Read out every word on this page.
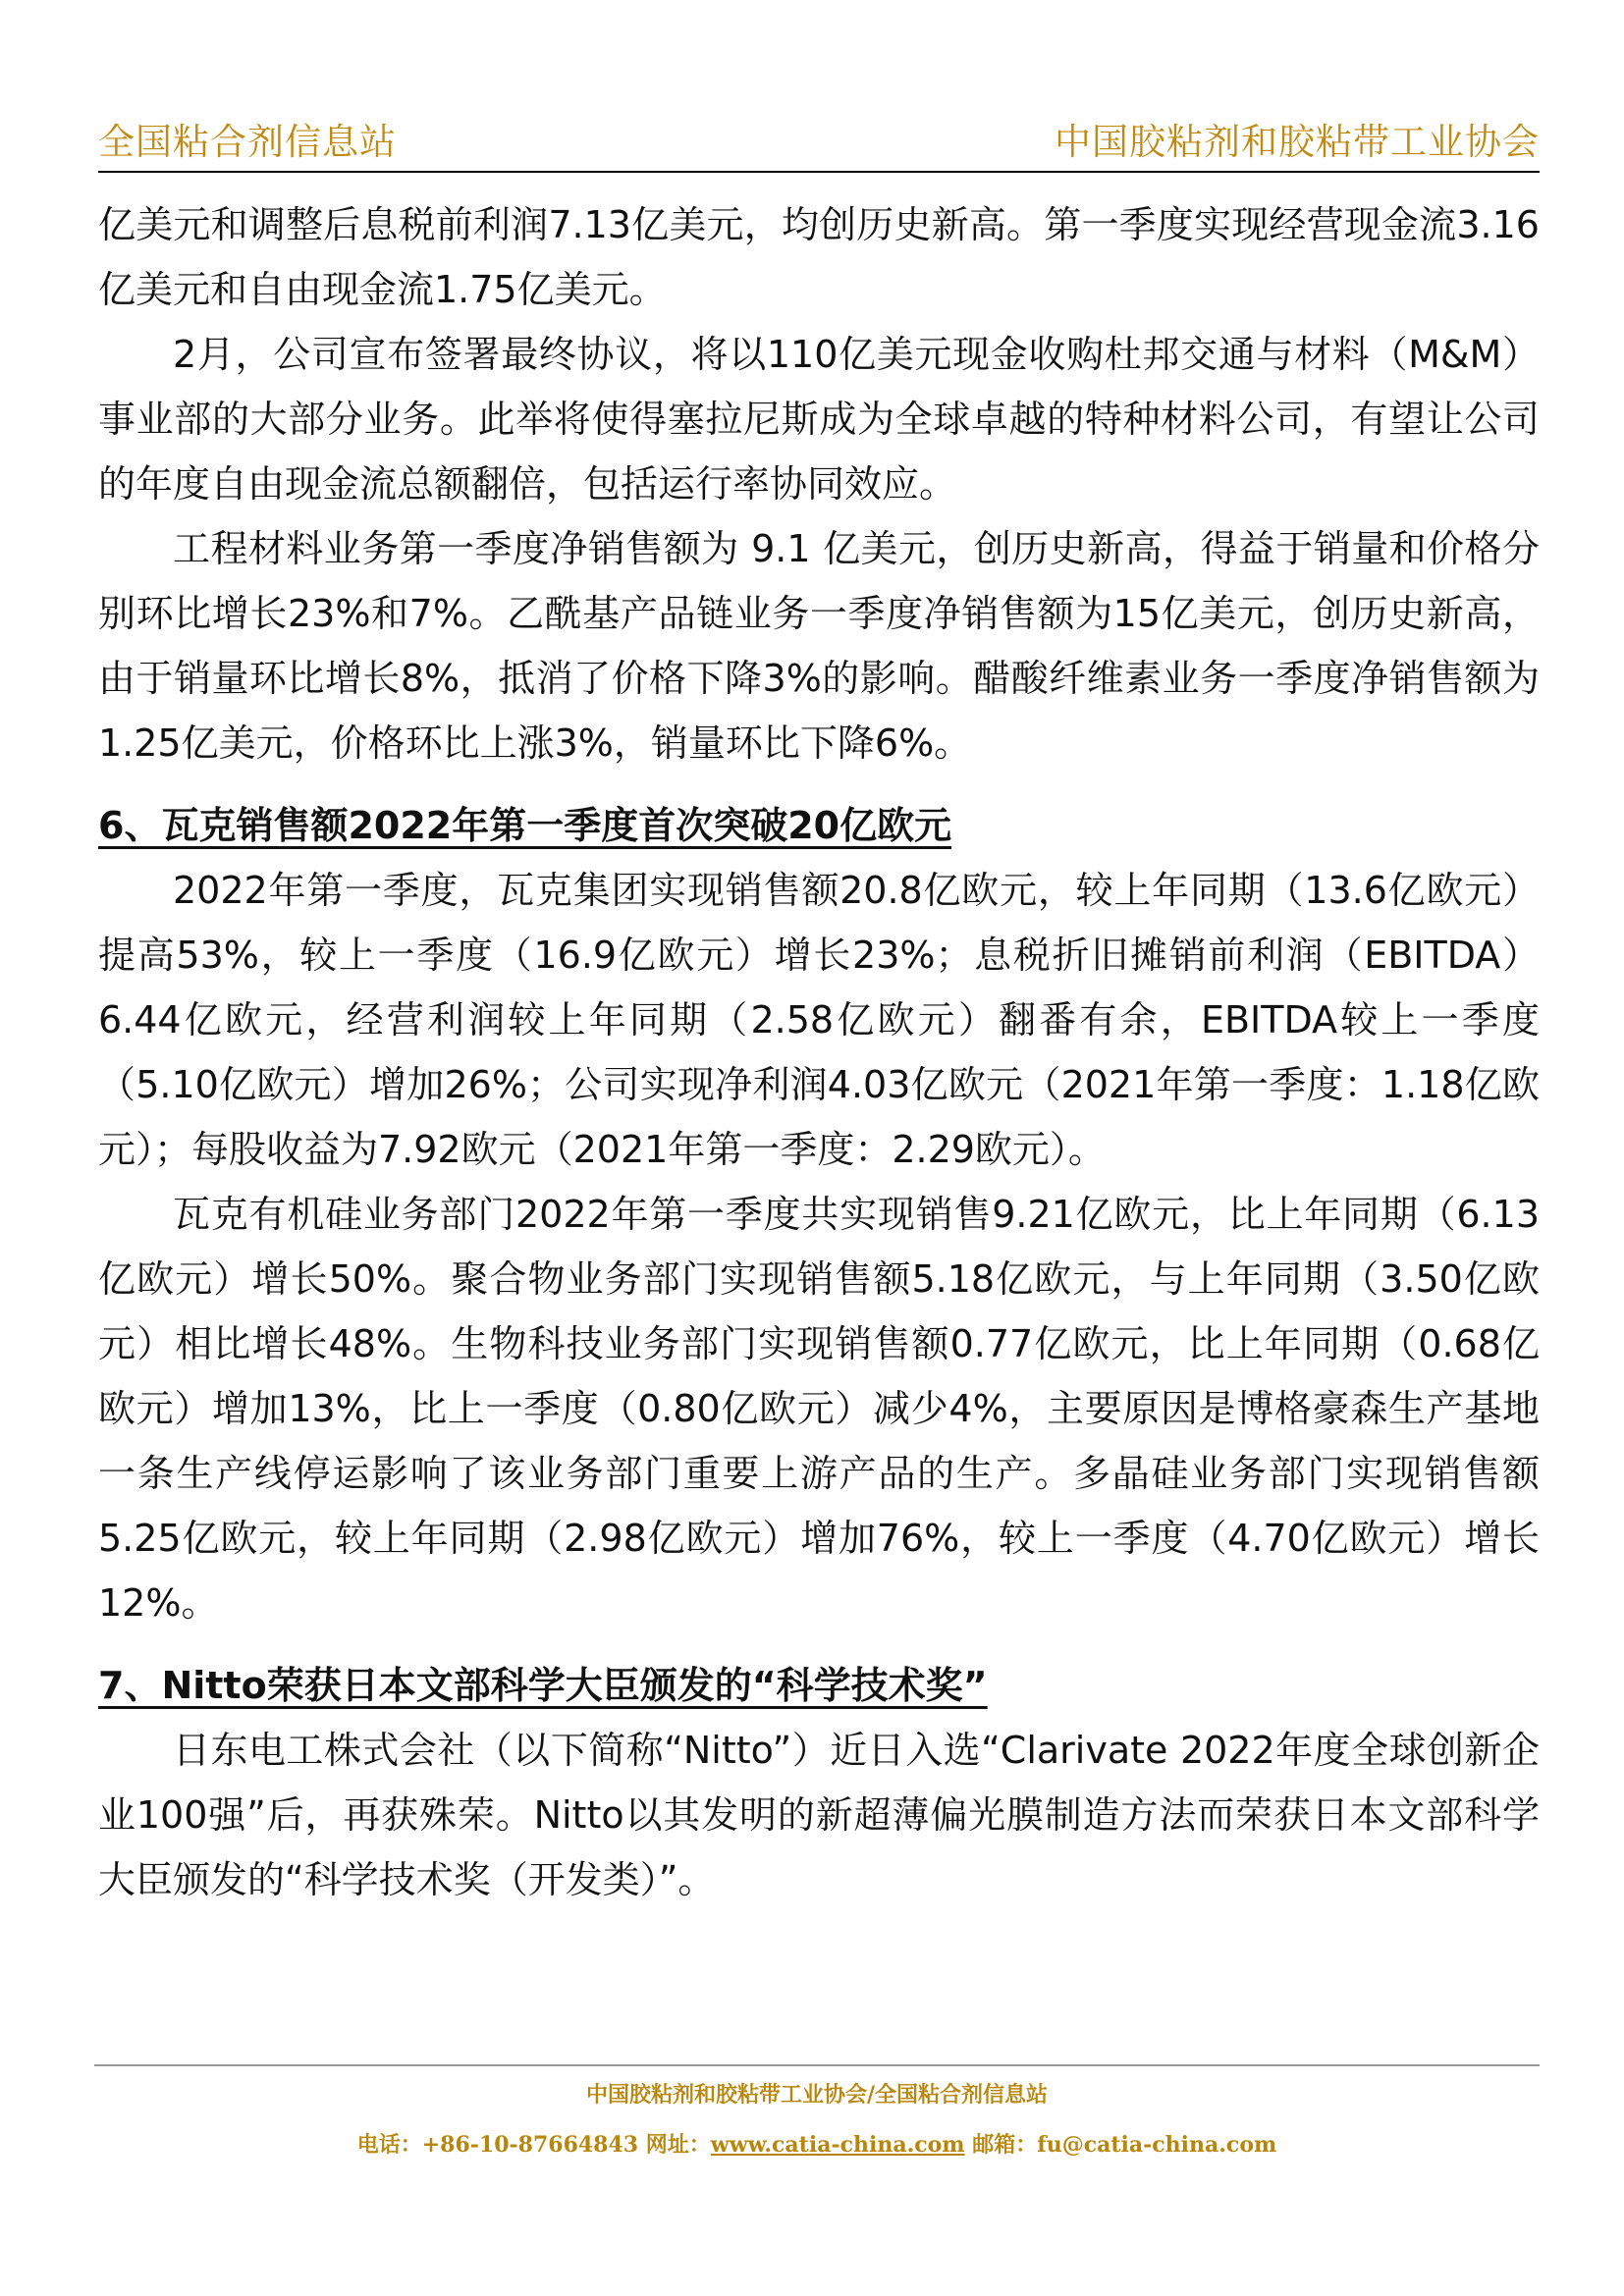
全国粘合剂信息站	中国胶粘剂和胶粘带工业协会

亿美元和调整后息税前利润7.13亿美元，均创历史新高。第一季度实现经营现金流3.16亿美元和自由现金流1.75亿美元。

2月，公司宣布签署最终协议，将以110亿美元现金收购杜邦交通与材料（M&M）事业部的大部分业务。此举将使得塞拉尼斯成为全球卓越的特种材料公司，有望让公司的年度自由现金流总额翻倍，包括运行率协同效应。

工程材料业务第一季度净销售额为 9.1 亿美元，创历史新高，得益于销量和价格分别环比增长23%和7%。乙酰基产品链业务一季度净销售额为15亿美元，创历史新高，由于销量环比增长8%，抵消了价格下降3%的影响。醋酸纤维素业务一季度净销售额为1.25亿美元，价格环比上涨3%，销量环比下降6%。

6、瓦克销售额2022年第一季度首次突破20亿欧元

2022年第一季度，瓦克集团实现销售额20.8亿欧元，较上年同期（13.6亿欧元）提高53%，较上一季度（16.9亿欧元）增长23%；息税折旧摊销前利润（EBITDA）6.44亿欧元，经营利润较上年同期（2.58亿欧元）翻番有余，EBITDA较上一季度（5.10亿欧元）增加26%；公司实现净利润4.03亿欧元（2021年第一季度：1.18亿欧元）；每股收益为7.92欧元（2021年第一季度：2.29欧元）。

瓦克有机硅业务部门2022年第一季度共实现销售9.21亿欧元，比上年同期（6.13亿欧元）增长50%。聚合物业务部门实现销售额5.18亿欧元，与上年同期（3.50亿欧元）相比增长48%。生物科技业务部门实现销售额0.77亿欧元，比上年同期（0.68亿欧元）增加13%，比上一季度（0.80亿欧元）减少4%，主要原因是博格豪森生产基地一条生产线停运影响了该业务部门重要上游产品的生产。多晶硅业务部门实现销售额5.25亿欧元，较上年同期（2.98亿欧元）增加76%，较上一季度（4.70亿欧元）增长12%。

7、Nitto荣获日本文部科学大臣颁发的“科学技术奖”

日东电工株式会社（以下简称“Nitto”）近日入选“Clarivate 2022年度全球创新企业100强”后，再获殊荣。Nitto以其发明的新超薄偏光膜制造方法而荣获日本文部科学大臣颁发的“科学技术奖（开发类）”。

中国胶粘剂和胶粘带工业协会/全国粘合剂信息站
电话：+86-10-87664843 网址：www.catia-china.com 邮箱：fu@catia-china.com
